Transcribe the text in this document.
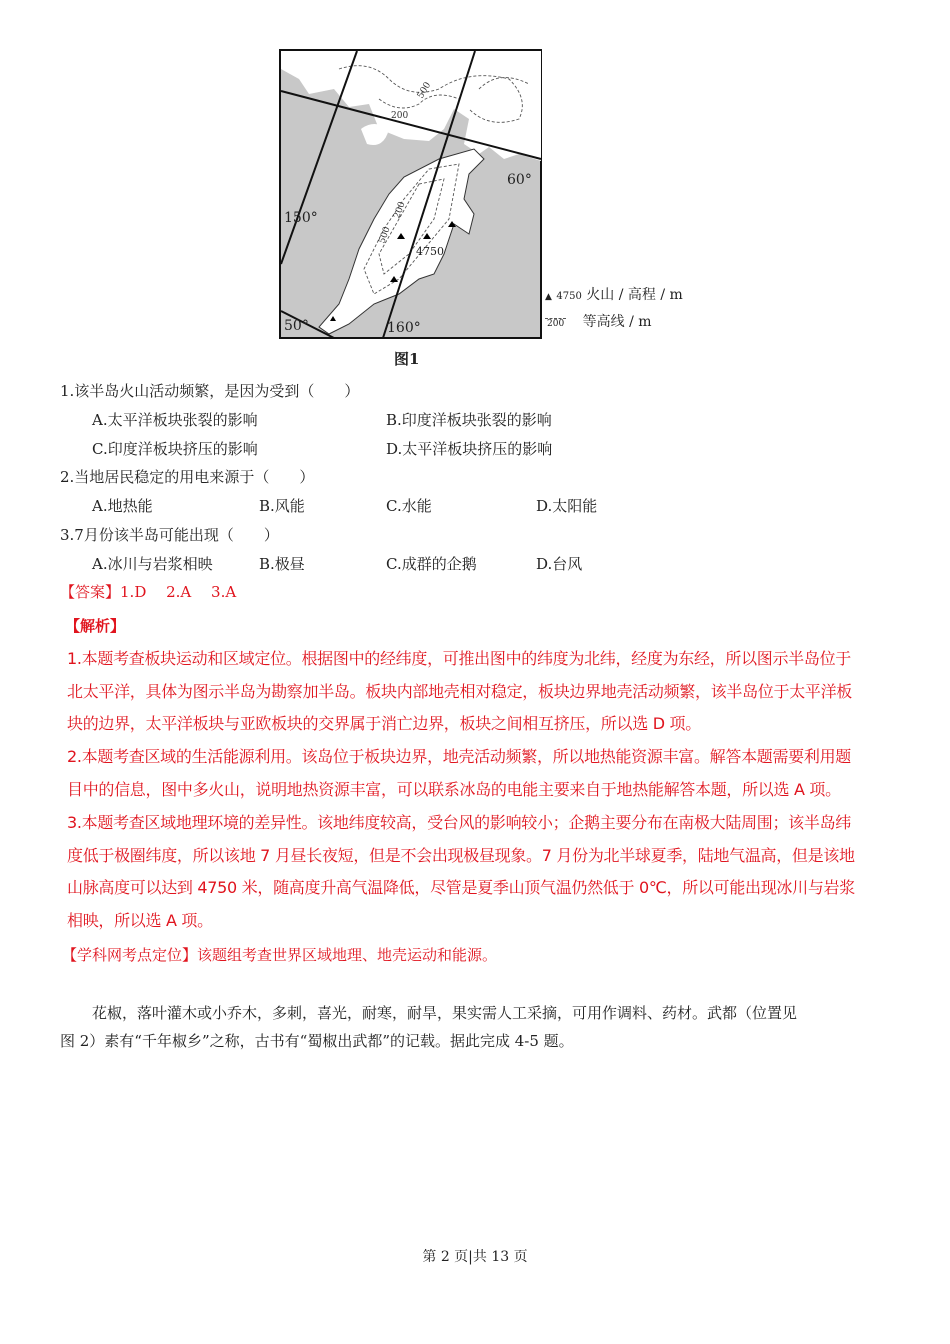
150°
160°
60°
50°
200
500
500
200
4750
▲ 4750 火山 / 高程 / m
200 等高线 / m
图1
1.该半岛火山活动频繁，是因为受到（　　）
A.太平洋板块张裂的影响	B.印度洋板块张裂的影响
C.印度洋板块挤压的影响	D.太平洋板块挤压的影响
2.当地居民稳定的用电来源于（　　）
A.地热能	B.风能	C.水能	D.太阳能
3.7月份该半岛可能出现（　　）
A.冰川与岩浆相映	B.极昼	C.成群的企鹅	D.台风
【答案】1.D　 2.A　 3.A
【解析】
1.本题考查板块运动和区域定位。根据图中的经纬度，可推出图中的纬度为北纬，经度为东经，所以图示半岛位于
北太平洋，具体为图示半岛为勘察加半岛。板块内部地壳相对稳定，板块边界地壳活动频繁，该半岛位于太平洋板
块的边界，太平洋板块与亚欧板块的交界属于消亡边界，板块之间相互挤压，所以选 D 项。
2.本题考查区域的生活能源利用。该岛位于板块边界，地壳活动频繁，所以地热能资源丰富。解答本题需要利用题
目中的信息，图中多火山，说明地热资源丰富，可以联系冰岛的电能主要来自于地热能解答本题，所以选 A 项。
3.本题考查区域地理环境的差异性。该地纬度较高，受台风的影响较小；企鹅主要分布在南极大陆周围；该半岛纬
度低于极圈纬度，所以该地 7 月昼长夜短，但是不会出现极昼现象。7 月份为北半球夏季，陆地气温高，但是该地
山脉高度可以达到 4750 米，随高度升高气温降低，尽管是夏季山顶气温仍然低于 0℃，所以可能出现冰川与岩浆
相映，所以选 A 项。
【学科网考点定位】该题组考查世界区域地理、地壳运动和能源。
花椒，落叶灌木或小乔木，多刺，喜光，耐寒，耐旱，果实需人工采摘，可用作调料、药材。武都（位置见
图 2）素有“千年椒乡”之称，古书有“蜀椒出武都”的记载。据此完成 4-5 题。
第 2 页|共 13 页
